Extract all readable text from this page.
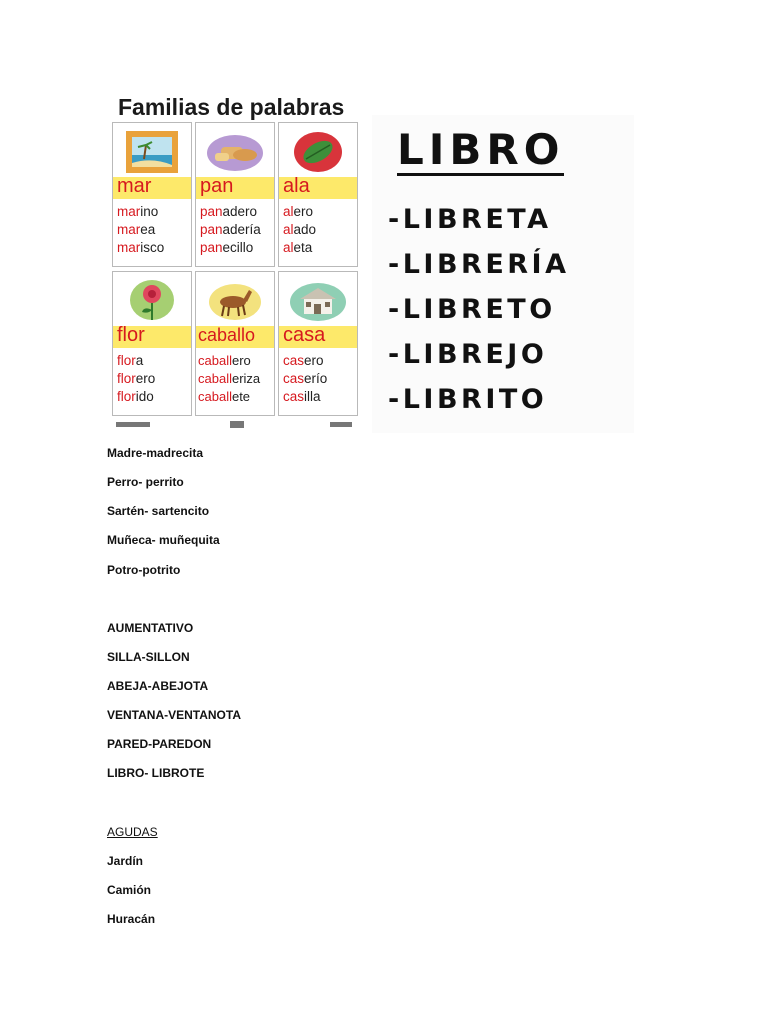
Familias de palabras
mar
marino
marea
marisco
pan
panadero
panadería
panecillo
ala
alero
alado
aleta
flor
flora
florero
florido
caballo
caballero
caballeriza
caballete
casa
casero
caserío
casilla
LIBRO
-LIBRETA
-LIBRERÍA
-LIBRETO
-LIBREJO
-LIBRITO
Madre-madrecita
Perro- perrito
Sartén- sartencito
Muñeca- muñequita
Potro-potrito
AUMENTATIVO
SILLA-SILLON
ABEJA-ABEJOTA
VENTANA-VENTANOTA
PARED-PAREDON
LIBRO- LIBROTE
AGUDAS
Jardín
Camión
Huracán
